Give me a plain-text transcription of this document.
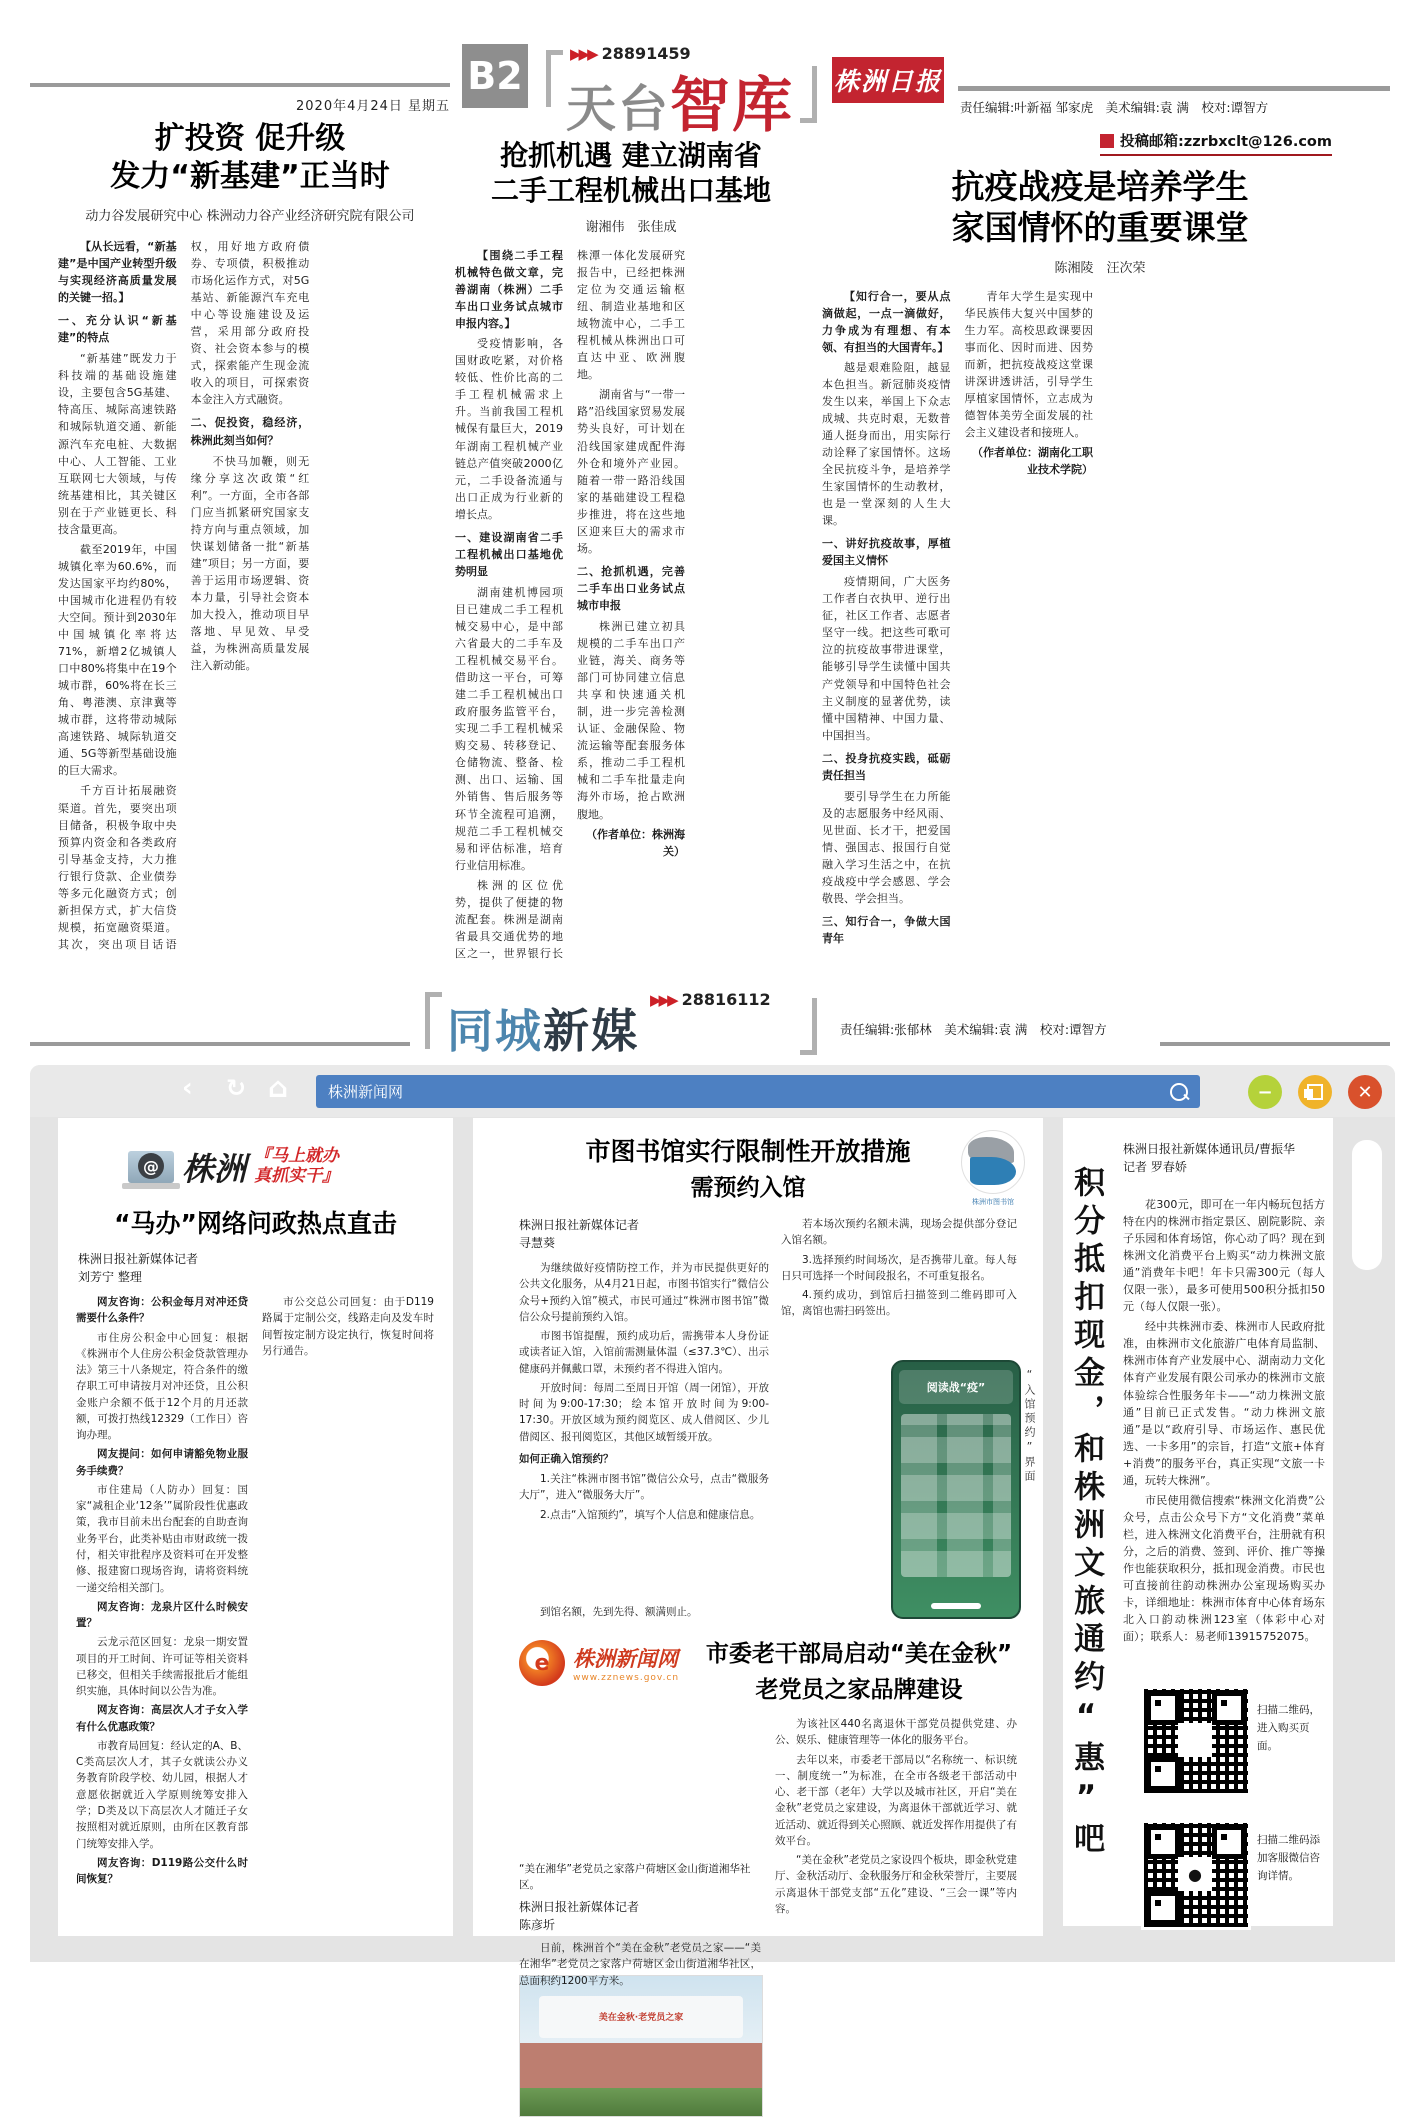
2020年4月24日 星期五
B2
▶▶▶ 28891459
天台智库 株洲日报
责任编辑:叶新福 邹家虎　美术编辑:袁 满　校对:谭智方
投稿邮箱:zzrbxclt@126.com
扩投资 促升级
发力“新基建”正当时
动力谷发展研究中心 株洲动力谷产业经济研究院有限公司

【从长远看，“新基建”是中国产业转型升级与实现经济高质量发展的关键一招。】

一、充分认识“新基建”的特点

“新基建”既发力于科技端的基础设施建设，主要包含5G基建、特高压、城际高速铁路和城际轨道交通、新能源汽车充电桩、大数据中心、人工智能、工业互联网七大领域，与传统基建相比，其关键区别在于产业链更长、科技含量更高。

截至2019年，中国城镇化率为60.6%，而发达国家平均约80%，中国城市化进程仍有较大空间。预计到2030年中国城镇化率将达71%，新增2亿城镇人口中80%将集中在19个城市群，60%将在长三角、粤港澳、京津冀等城市群，这将带动城际高速铁路、城际轨道交通、5G等新型基础设施的巨大需求。

千方百计拓展融资渠道。首先，要突出项目储备，积极争取中央预算内资金和各类政府引导基金支持，大力推行银行贷款、企业债券等多元化融资方式；创新担保方式，扩大信贷规模，拓宽融资渠道。其次，突出项目话语权，用好地方政府债券、专项债，积极推动市场化运作方式，对5G基站、新能源汽车充电中心等设施建设及运营，采用部分政府投资、社会资本参与的模式，探索能产生现金流收入的项目，可探索资本金注入方式融资。

二、促投资，稳经济，株洲此刻当如何？

不快马加鞭，则无缘分享这次政策“红利”。一方面，全市各部门应当抓紧研究国家支持方向与重点领域，加快谋划储备一批“新基建”项目；另一方面，要善于运用市场逻辑、资本力量，引导社会资本加大投入，推动项目早落地、早见效、早受益，为株洲高质量发展注入新动能。

抢抓机遇 建立湖南省
二手工程机械出口基地
谢湘伟　张佳成

【围绕二手工程机械特色做文章，完善湖南（株洲）二手车出口业务试点城市申报内容。】

受疫情影响，各国财政吃紧，对价格较低、性价比高的二手工程机械需求上升。当前我国工程机械保有量巨大，2019年湖南工程机械产业链总产值突破2000亿元，二手设备流通与出口正成为行业新的增长点。

一、建设湖南省二手工程机械出口基地优势明显

湖南建机博园项目已建成二手工程机械交易中心，是中部六省最大的二手车及工程机械交易平台。借助这一平台，可筹建二手工程机械出口政府服务监管平台，实现二手工程机械采购交易、转移登记、仓储物流、整备、检测、出口、运输、国外销售、售后服务等环节全流程可追溯，规范二手工程机械交易和评估标准，培育行业信用标准。

株洲的区位优势，提供了便捷的物流配套。株洲是湖南省最具交通优势的地区之一，世界银行长株潭一体化发展研究报告中，已经把株洲定位为交通运输枢纽、制造业基地和区域物流中心，二手工程机械从株洲出口可直达中亚、欧洲腹地。

湖南省与“一带一路”沿线国家贸易发展势头良好，可计划在沿线国家建成配件海外仓和境外产业园。随着一带一路沿线国家的基础建设工程稳步推进，将在这些地区迎来巨大的需求市场。

二、抢抓机遇，完善二手车出口业务试点城市申报

株洲已建立初具规模的二手车出口产业链，海关、商务等部门可协同建立信息共享和快速通关机制，进一步完善检测认证、金融保险、物流运输等配套服务体系，推动二手工程机械和二手车批量走向海外市场，抢占欧洲腹地。

（作者单位：株洲海关）

抗疫战疫是培养学生
家国情怀的重要课堂
陈湘陵　汪次荣

【知行合一，要从点滴做起，一点一滴做好，力争成为有理想、有本领、有担当的大国青年。】

越是艰难险阻，越显本色担当。新冠肺炎疫情发生以来，举国上下众志成城、共克时艰，无数普通人挺身而出，用实际行动诠释了家国情怀。这场全民抗疫斗争，是培养学生家国情怀的生动教材，也是一堂深刻的人生大课。

一、讲好抗疫故事，厚植爱国主义情怀

疫情期间，广大医务工作者白衣执甲、逆行出征，社区工作者、志愿者坚守一线。把这些可歌可泣的抗疫故事带进课堂，能够引导学生读懂中国共产党领导和中国特色社会主义制度的显著优势，读懂中国精神、中国力量、中国担当。

二、投身抗疫实践，砥砺责任担当

要引导学生在力所能及的志愿服务中经风雨、见世面、长才干，把爱国情、强国志、报国行自觉融入学习生活之中，在抗疫战疫中学会感恩、学会敬畏、学会担当。

三、知行合一，争做大国青年

青年大学生是实现中华民族伟大复兴中国梦的生力军。高校思政课要因事而化、因时而进、因势而新，把抗疫战疫这堂课讲深讲透讲活，引导学生厚植家国情怀，立志成为德智体美劳全面发展的社会主义建设者和接班人。

（作者单位：湖南化工职业技术学院）

同城新媒
▶▶▶ 28816112
责任编辑:张郁林　美术编辑:袁 满　校对:谭智方
‹ ↻ ⌂	株洲新闻网	−	✕
@ 株洲 『马上就办
真抓实干』
“马办”网络问政热点直击
株洲日报社新媒体记者
刘芳宁 整理

网友咨询：公积金每月对冲还贷需要什么条件？

市住房公积金中心回复：根据《株洲市个人住房公积金贷款管理办法》第三十八条规定，符合条件的缴存职工可申请按月对冲还贷，且公积金账户余额不低于12个月的月还款额，可拨打热线12329（工作日）咨询办理。

网友提问：如何申请豁免物业服务手续费？

市住建局（人防办）回复：国家“减租企业‘12条’”属阶段性优惠政策，我市目前未出台配套的自助查询业务平台，此类补贴由市财政统一拨付，相关审批程序及资料可在开发整修、报建窗口现场咨询，请将资料统一递交给相关部门。

网友咨询：龙泉片区什么时候安置？

云龙示范区回复：龙泉一期安置项目的开工时间、许可证等相关资料已移交，但相关手续需报批后才能组织实施，具体时间以公告为准。

网友咨询：高层次人才子女入学有什么优惠政策？

市教育局回复：经认定的A、B、C类高层次人才，其子女就读公办义务教育阶段学校、幼儿园，根据人才意愿依据就近入学原则统筹安排入学；D类及以下高层次人才随迁子女按照相对就近原则，由所在区教育部门统筹安排入学。

网友咨询：D119路公交什么时间恢复？

市公交总公司回复：由于D119路属于定制公交，线路走向及发车时间暂按定制方设定执行，恢复时间将另行通告。

市图书馆实行限制性开放措施
需预约入馆
株洲市图书馆
株洲日报社新媒体记者
寻慧葵

为继续做好疫情防控工作，并为市民提供更好的公共文化服务，从4月21日起，市图书馆实行“微信公众号+预约入馆”模式，市民可通过“株洲市图书馆”微信公众号提前预约入馆。

市图书馆提醒，预约成功后，需携带本人身份证或读者证入馆，入馆前需测量体温（≤37.3℃）、出示健康码并佩戴口罩，未预约者不得进入馆内。

开放时间：每周二至周日开馆（周一闭馆），开放时间为9:00-17:30；绘本馆开放时间为9:00-17:30。开放区域为预约阅览区、成人借阅区、少儿借阅区、报刊阅览区，其他区域暂缓开放。

如何正确入馆预约？

1.关注“株洲市图书馆”微信公众号，点击“微服务大厅”，进入“微服务大厅”。

2.点击“入馆预约”，填写个人信息和健康信息。

若本场次预约名额未满，现场会提供部分登记入馆名额。

3.选择预约时间场次，是否携带儿童。每人每日只可选择一个时间段报名，不可重复报名。

4.预约成功，到馆后扫描签到二维码即可入馆，离馆也需扫码签出。

阅读战“疫”	“入馆预约”界面

到馆名额，先到先得、额满则止。

e	株洲新闻网
www.zznews.gov.cn
市委老干部局启动“美在金秋”
老党员之家品牌建设
美在金秋·老党员之家
“美在湘华”老党员之家落户荷塘区金山街道湘华社区。
株洲日报社新媒体记者
陈彦圻

日前，株洲首个“美在金秋”老党员之家——“美在湘华”老党员之家落户荷塘区金山街道湘华社区，总面积约1200平方米。

为该社区440名离退休干部党员提供党建、办公、娱乐、健康管理等一体化的服务平台。

去年以来，市委老干部局以“名称统一、标识统一、制度统一”为标准，在全市各级老干部活动中心、老干部（老年）大学以及城市社区，开启“美在金秋”老党员之家建设，为离退休干部就近学习、就近活动、就近得到关心照顾、就近发挥作用提供了有效平台。

“美在金秋”老党员之家设四个板块，即金秋党建厅、金秋活动厅、金秋服务厅和金秋荣誉厅，主要展示离退休干部党支部“五化”建设、“三会一课”等内容。

积分抵扣现金，和株洲文旅通约“惠”吧
株洲日报社新媒体通讯员/曹振华
记者 罗春娇

花300元，即可在一年内畅玩包括方特在内的株洲市指定景区、剧院影院、亲子乐园和体育场馆，你心动了吗？现在到株洲文化消费平台上购买“动力株洲文旅通”消费年卡吧！年卡只需300元（每人仅限一张），最多可使用500积分抵扣50元（每人仅限一张）。

经中共株洲市委、株洲市人民政府批准，由株洲市文化旅游广电体育局监制、株洲市体育产业发展中心、湖南动力文化体育产业发展有限公司承办的株洲市文旅体验综合性服务年卡——“动力株洲文旅通”目前已正式发售。“动力株洲文旅通”是以“政府引导、市场运作、惠民优选、一卡多用”的宗旨，打造“文旅+体育+消费”的服务平台，真正实现“文旅一卡通，玩转大株洲”。

市民使用微信搜索“株洲文化消费”公众号，点击公众号下方“文化消费”菜单栏，进入株洲文化消费平台，注册就有积分，之后的消费、签到、评价、推广等操作也能获取积分，抵扣现金消费。市民也可直接前往韵动株洲办公室现场购买办卡，详细地址：株洲市体育中心体育场东北入口韵动株洲123室（体彩中心对面）；联系人：易老师13915752075。

扫描二维码，进入购买页面。
●
扫描二维码添加客服微信咨询详情。
